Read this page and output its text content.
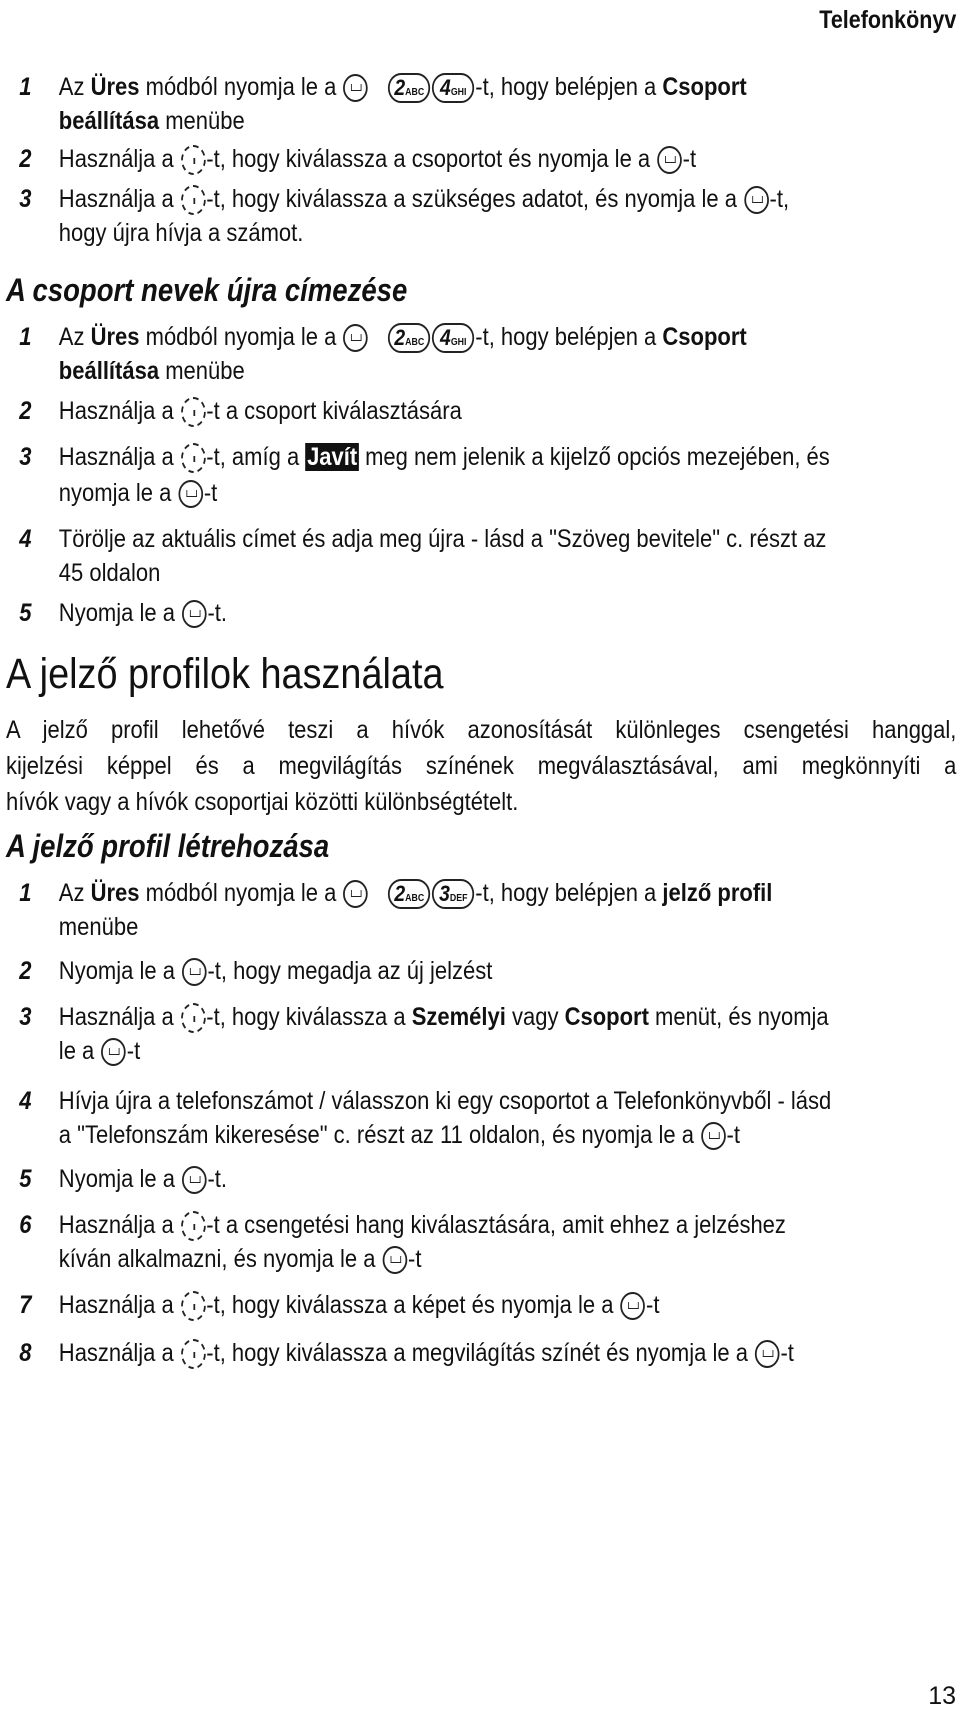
Telefonkönyv
1 Az Üres módból nyomja le a    2ABC 4GHI -t, hogy belépjen a Csoport
beállítása menübe
2 Használja a -t, hogy kiválassza a csoportot és nyomja le a -t
3 Használja a -t, hogy kiválassza a szükséges adatot, és nyomja le a -t,
hogy újra hívja a számot.
A csoport nevek újra címezése
1 Az Üres módból nyomja le a    2ABC 4GHI -t, hogy belépjen a Csoport
beállítása menübe
2 Használja a -t a csoport kiválasztására
3 Használja a -t, amíg a Javít meg nem jelenik a kijelző opciós mezejében, és
nyomja le a -t
4 Törölje az aktuális címet és adja meg újra - lásd a "Szöveg bevitele" c. részt az
45 oldalon
5 Nyomja le a -t.
A jelző profilok használata
A jelző profil lehetővé teszi a hívók azonosítását különleges csengetési hanggal,
kijelzési képpel és a megvilágítás színének megválasztásával, ami megkönnyíti a
hívók vagy a hívók csoportjai közötti különbségtételt.
A jelző profil létrehozása
1 Az Üres módból nyomja le a    2ABC 3DEF -t, hogy belépjen a jelző profil
menübe
2 Nyomja le a -t, hogy megadja az új jelzést
3 Használja a -t, hogy kiválassza a Személyi vagy Csoport menüt, és nyomja
le a -t
4 Hívja újra a telefonszámot / válasszon ki egy csoportot a Telefonkönyvből - lásd
a "Telefonszám kikeresése" c. részt az 11 oldalon, és nyomja le a -t
5 Nyomja le a -t.
6 Használja a -t a csengetési hang kiválasztására, amit ehhez a jelzéshez
kíván alkalmazni, és nyomja le a -t
7 Használja a -t, hogy kiválassza a képet és nyomja le a -t
8 Használja a -t, hogy kiválassza a megvilágítás színét és nyomja le a -t
13
